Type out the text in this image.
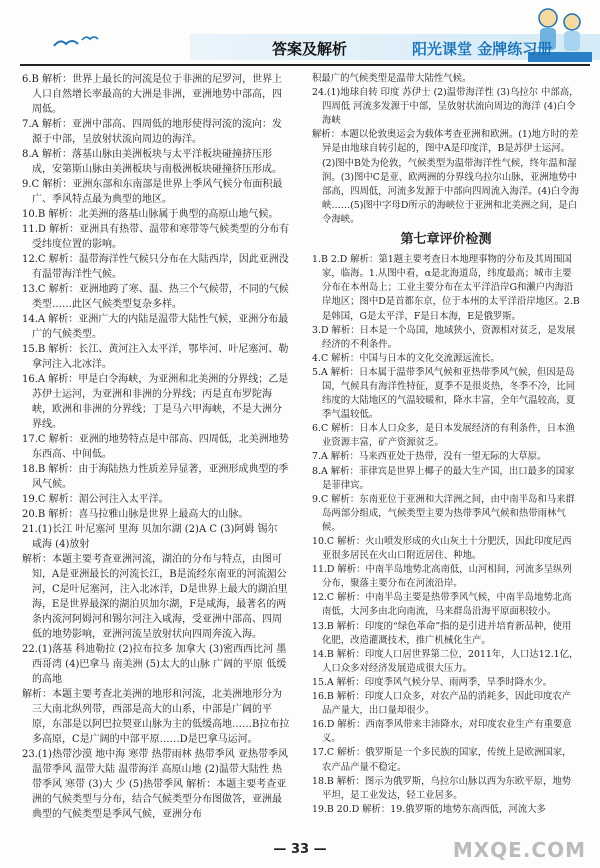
答案及解析	阳光课堂 金牌练习册

6.B 解析：世界上最长的河流是位于非洲的尼罗河，世界上人口自然增长率最高的大洲是非洲，亚洲地势中部高，四周低。

7.A 解析：亚洲中部高、四周低的地形使得河流的流向：发源于中部，呈放射状流向周边的海洋。

8.A 解析：落基山脉由美洲板块与太平洋板块碰撞挤压形成，安第斯山脉由美洲板块与南极洲板块碰撞挤压形成。

9.C 解析：亚洲东部和东南部是世界上季风气候分布面积最广、季风特点最为典型的地区。

10.B 解析：北美洲的落基山脉属于典型的高原山地气候。

11.D 解析：亚洲具有热带、温带和寒带等气候类型的分布有受纬度位置的影响。

12.C 解析：温带海洋性气候只分布在大陆西岸，因此亚洲没有温带海洋性气候。

13.C 解析：亚洲地跨了寒、温、热三个气候带，不同的气候类型……此区气候类型复杂多样。

14.A 解析：亚洲广大的内陆是温带大陆性气候，亚洲分布最广的气候类型。

15.B 解析：长江、黄河注入太平洋，鄂毕河、叶尼塞河、勒拿河注入北冰洋。

16.A 解析：甲是白令海峡，为亚洲和北美洲的分界线；乙是苏伊士运河，为亚洲和非洲的分界线；丙是直布罗陀海峡，欧洲和非洲的分界线；丁是马六甲海峡，不是大洲分界线。

17.C 解析：亚洲的地势特点是中部高、四周低，北美洲地势东西高、中间低。

18.B 解析：由于海陆热力性质差异显著，亚洲形成典型的季风气候。

19.C 解析：湄公河注入太平洋。

20.B 解析：喜马拉雅山脉是世界上最高大的山脉。

21.(1)长江 叶尼塞河 里海 贝加尔湖 (2)A C (3)阿姆 锡尔 咸海 (4)放射

解析：本题主要考查亚洲河流，湖泊的分布与特点，由图可知，A是亚洲最长的河流长江，B是流经东南亚的河流湄公河，C是叶尼塞河，注入北冰洋，D是世界上最大的湖泊里海，E是世界最深的湖泊贝加尔湖，F是咸海，最著名的两条内流河阿姆河和锡尔河注入咸海，受亚洲中部高、四周低的地势影响，亚洲河流呈放射状向四周奔流入海。

22.(1)落基 科迪勒拉 (2)拉布拉多 加拿大 (3)密西西比河 墨西哥湾 (4)巴拿马 南美洲 (5)太大的山脉 广阔的平原 低缓的高地

解析：本题主要考查北美洲的地形和河流，北美洲地形分为三大南北纵列带，西部是高大的山系，中部是广阔的平原，东部是以阿巴拉契亚山脉为主的低缓高地……B拉布拉多高原，C是广阔的中部平原……D是巴拿马运河。

23.(1)热带沙漠 地中海 寒带 热带雨林 热带季风 亚热带季风 温带季风 温带大陆 温带海洋 高原山地 (2)温带大陆性 热带季风 寒带 (3)大 少 (5)热带季风 解析：本题主要考查亚洲的气候类型与分布，结合气候类型分布图做答，亚洲最典型的气候类型是季风气候，亚洲分布

积最广的气候类型是温带大陆性气候。

24.(1)地球自转 印度 苏伊士 (2)温带海洋性 (3)乌拉尔 中部高，四周低 河流多发源于中部，呈放射状流向周边的海洋 (4)白令海峡

解析：本题以伦敦奥运会为载体考查亚洲和欧洲。(1)地方时的差异是由地球自转引起的，图中A是印度洋，B是苏伊士运河。(2)图中B处为伦敦，气候类型为温带海洋性气候，终年温和湿润。(3)图中C是亚、欧两洲的分界线乌拉尔山脉，亚洲地势中部高，四周低，河流多发源于中部向四周流入海洋。(4)白令海峡……(5)图中字母D所示的海峡位于亚洲和北美洲之间，是白令海峡。

第七章评价检测

1.B 2.D 解析：第1题主要考查日本地理事物的分布及其周围国家，临海。1.从图中看，α是北海道岛，纬度最高；城市主要分布在本州岛上；工业主要分布在太平洋沿岸G和濑户内海沿岸地区；图中D是首都东京，位于本州的太平洋沿岸地区。2.B是韩国，G是太平洋，F是日本海，E是俄罗斯。

3.D 解析：日本是一个岛国，地域狭小，资源相对贫乏，是发展经济的不利条件。

4.C 解析：中国与日本的文化交流源远流长。

5.A 解析：日本属于温带季风气候和亚热带季风气候，但因是岛国，气候具有海洋性特征，夏季不是很炎热，冬季不冷，比同纬度的大陆地区的气温较暖和，降水丰富，全年气温较高，夏季气温较低。

6.C 解析：日本人口众多，是日本发展经济的有利条件，日本渔业资源丰富，矿产资源贫乏。

7.A 解析：马来西亚处于热带，没有一望无际的大草原。

8.A 解析：菲律宾是世界上椰子的最大生产国，出口最多的国家是菲律宾。

9.C 解析：东南亚位于亚洲和大洋洲之间，由中南半岛和马来群岛两部分组成，气候类型主要为热带季风气候和热带雨林气候。

10.C 解析：火山喷发形成的火山灰土十分肥沃，因此印度尼西亚很多居民在火山口附近居住、种地。

11.D 解析：中南半岛地势北高南低，山河相间，河流多呈纵列分布，聚落主要分布在河流沿岸。

12.C 解析：中南半岛主要是热带季风气候，中南半岛地势北高南低，大河多由北向南流，马来群岛沿海平原面积较小。

13.B 解析：印度的“绿色革命”指的是引进并培育新品种，使用化肥，改造灌溉技术，推广机械化生产。

14.B 解析：印度人口居世界第二位，2011年，人口达12.1亿，人口众多对经济发展造成很大压力。

15.A 解析：印度季风气候分旱、雨两季，旱季时降水少。

16.B 解析：印度人口众多，对农产品的消耗多，因此印度农产品产量大，出口量却很少。

16.D 解析：西南季风带来丰沛降水，对印度农业生产有重要意义。

17.C 解析：俄罗斯是一个多民族的国家，传统上是欧洲国家，农产品产量不稳定。

18.B 解析：图示为俄罗斯，乌拉尔山脉以西为东欧平原，地势平坦，是工业发达，轻工业居多。

19.B 20.D 解析：19.俄罗斯的地势东高西低，河流大多

— 33 —	MXQE.COM
